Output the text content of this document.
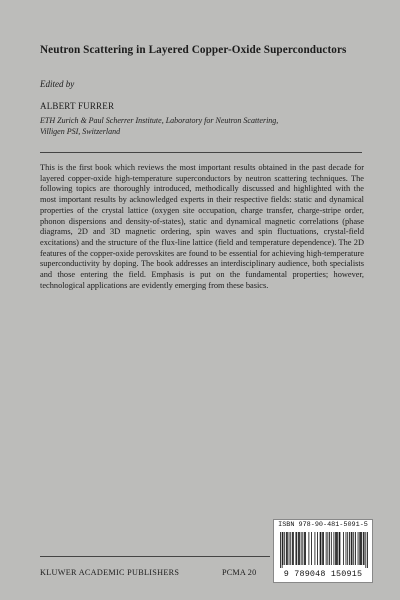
Neutron Scattering in Layered Copper-Oxide Superconductors
Edited by
ALBERT FURRER
ETH Zurich & Paul Scherrer Institute, Laboratory for Neutron Scattering,
Villigen PSI, Switzerland
This is the first book which reviews the most important results obtained in the past decade for layered copper-oxide high-temperature superconductors by neutron scattering techniques. The following topics are thoroughly introduced, methodically discussed and highlighted with the most important results by acknowledged experts in their respective fields: static and dynamical properties of the crystal lattice (oxygen site occupation, charge transfer, charge-stripe order, phonon dispersions and density-of-states), static and dynamical magnetic correlations (phase diagrams, 2D and 3D magnetic ordering, spin waves and spin fluctuations, crystal-field excitations) and the structure of the flux-line lattice (field and temperature dependence). The 2D features of the copper-oxide perovskites are found to be essential for achieving high-temperature superconductivity by doping. The book addresses an interdisciplinary audience, both specialists and those entering the field. Emphasis is put on the fundamental properties; however, technological applications are evidently emerging from these basics.
KLUWER ACADEMIC PUBLISHERS	PCMA 20
ISBN 978-90-481-5091-5
9 789048 150915
